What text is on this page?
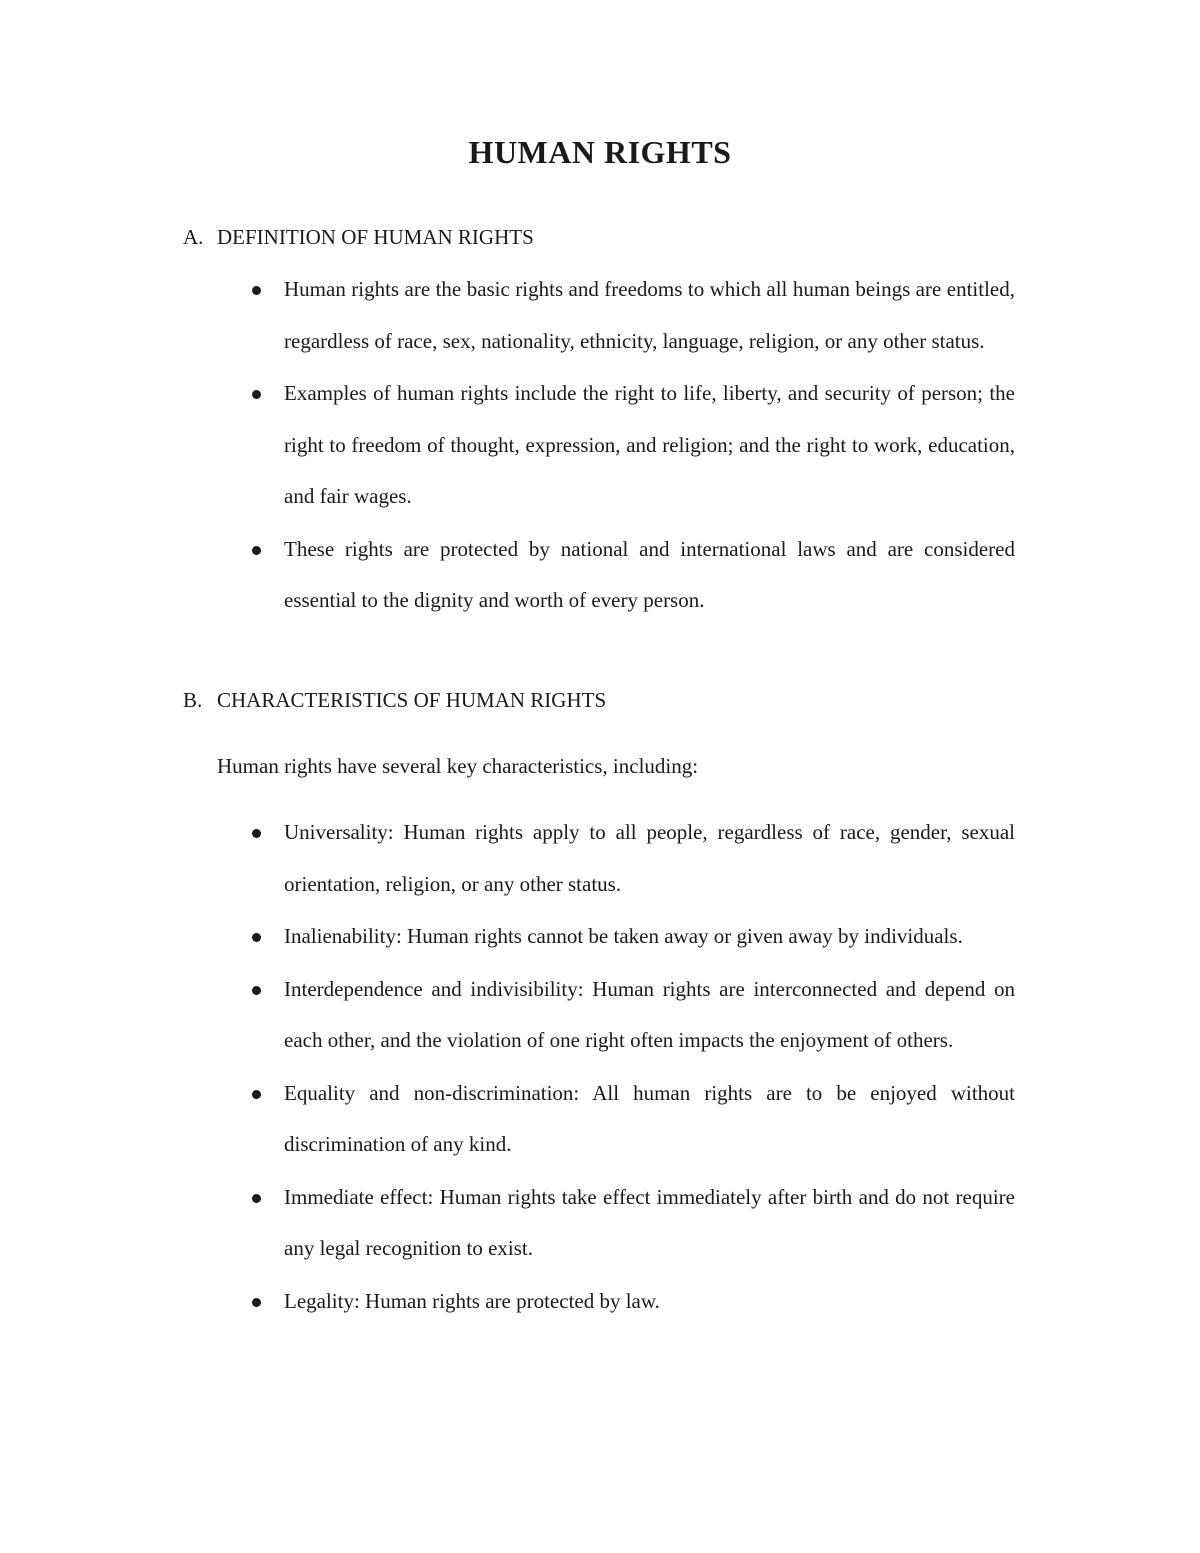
HUMAN RIGHTS
A. DEFINITION OF HUMAN RIGHTS
Human rights are the basic rights and freedoms to which all human beings are entitled, regardless of race, sex, nationality, ethnicity, language, religion, or any other status.
Examples of human rights include the right to life, liberty, and security of person; the right to freedom of thought, expression, and religion; and the right to work, education, and fair wages.
These rights are protected by national and international laws and are considered essential to the dignity and worth of every person.
B. CHARACTERISTICS OF HUMAN RIGHTS
Human rights have several key characteristics, including:
Universality: Human rights apply to all people, regardless of race, gender, sexual orientation, religion, or any other status.
Inalienability: Human rights cannot be taken away or given away by individuals.
Interdependence and indivisibility: Human rights are interconnected and depend on each other, and the violation of one right often impacts the enjoyment of others.
Equality and non-discrimination: All human rights are to be enjoyed without discrimination of any kind.
Immediate effect: Human rights take effect immediately after birth and do not require any legal recognition to exist.
Legality: Human rights are protected by law.
